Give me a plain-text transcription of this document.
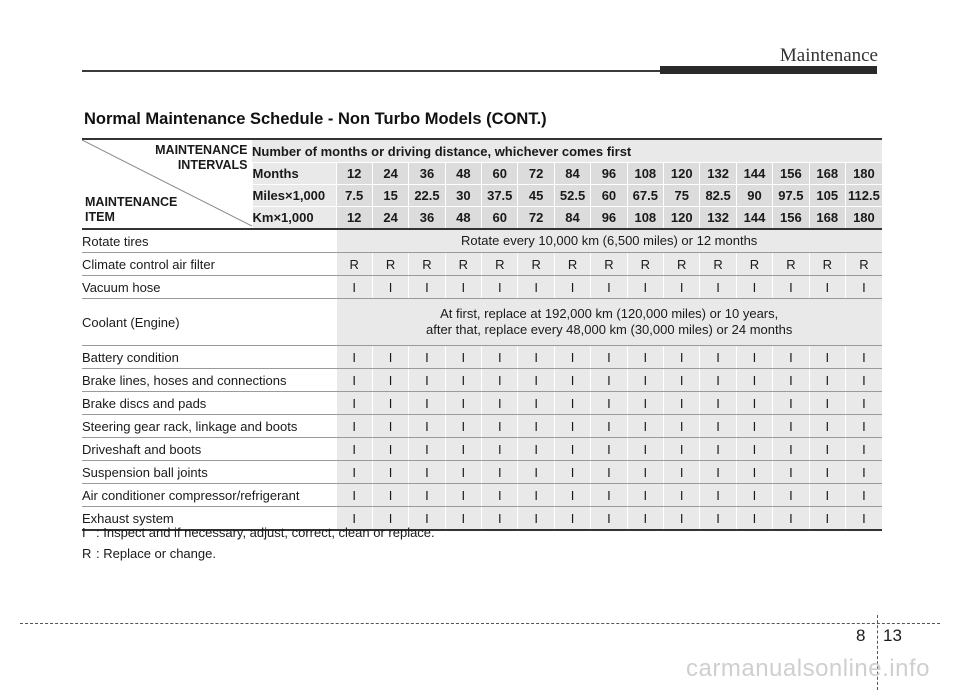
Maintenance
Normal Maintenance Schedule - Non Turbo Models (CONT.)
MAINTENANCE
INTERVALS
MAINTENANCE
ITEM	Number of months or driving distance, whichever comes first															
	Months	12	24	36	48	60	72	84	96	108	120	132	144	156	168	180
	Miles×1,000	7.5	15	22.5	30	37.5	45	52.5	60	67.5	75	82.5	90	97.5	105	112.5
	Km×1,000	12	24	36	48	60	72	84	96	108	120	132	144	156	168	180
Rotate tires		Rotate every 10,000 km (6,500 miles) or 12 months														
Climate control air filter		R	R	R	R	R	R	R	R	R	R	R	R	R	R	R
Vacuum hose		I	I	I	I	I	I	I	I	I	I	I	I	I	I	I
Coolant (Engine)		At first, replace at 192,000 km (120,000 miles) or 10 years,
after that, replace every 48,000 km (30,000 miles) or 24 months														

Battery condition		I	I	I	I	I	I	I	I	I	I	I	I	I	I	I
Brake lines, hoses and connections		I	I	I	I	I	I	I	I	I	I	I	I	I	I	I
Brake discs and pads		I	I	I	I	I	I	I	I	I	I	I	I	I	I	I
Steering gear rack, linkage and boots		I	I	I	I	I	I	I	I	I	I	I	I	I	I	I
Driveshaft and boots		I	I	I	I	I	I	I	I	I	I	I	I	I	I	I
Suspension ball joints		I	I	I	I	I	I	I	I	I	I	I	I	I	I	I
Air conditioner compressor/refrigerant		I	I	I	I	I	I	I	I	I	I	I	I	I	I	I
Exhaust system		I	I	I	I	I	I	I	I	I	I	I	I	I	I	I
I : Inspect and if necessary, adjust, correct, clean or replace.
R : Replace or change.
8 13
carmanualsonline.info
